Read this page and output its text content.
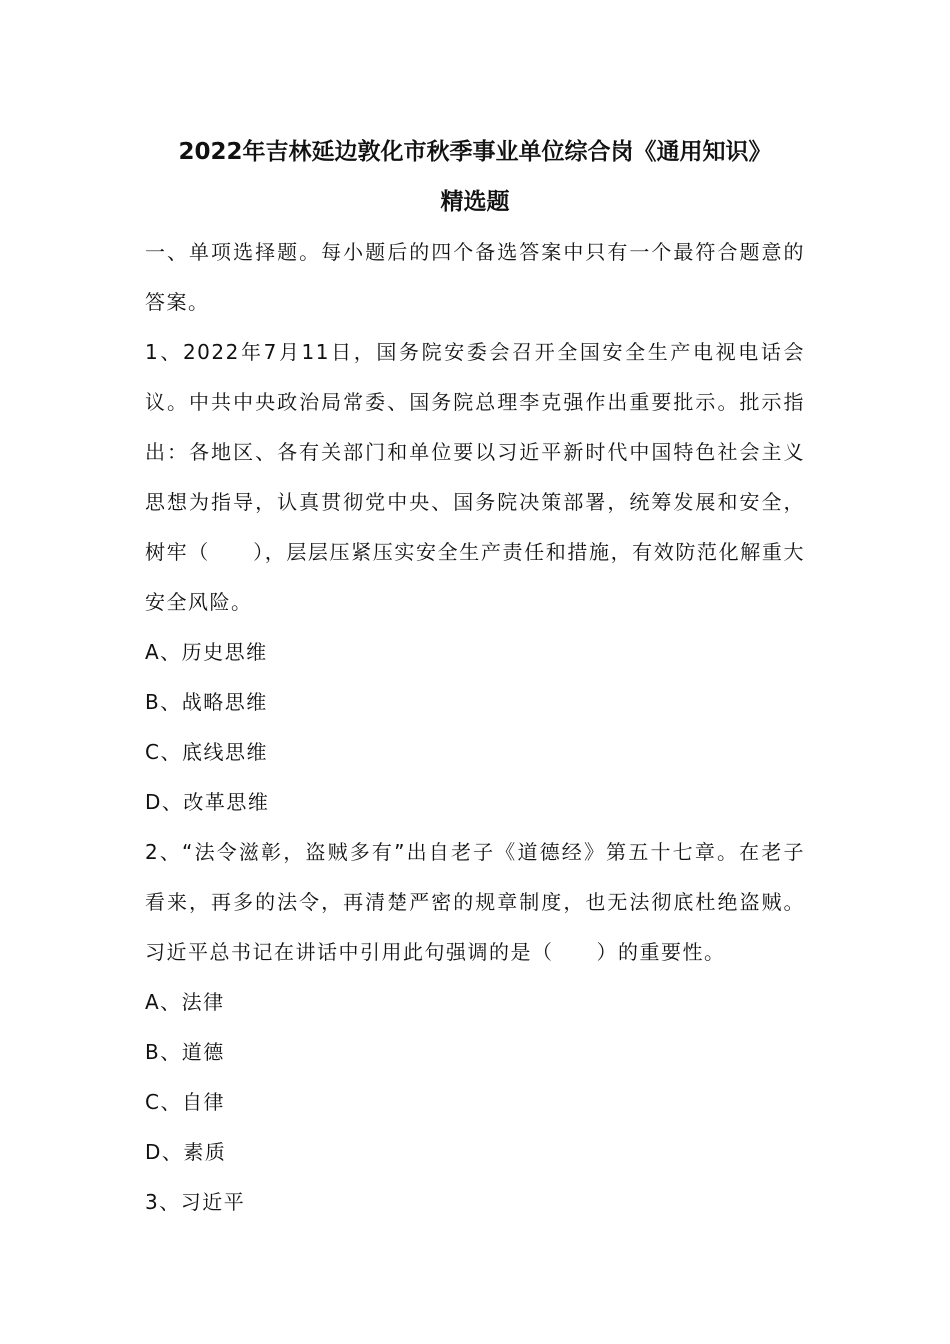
2022年吉林延边敦化市秋季事业单位综合岗《通用知识》
精选题

一、单项选择题。每小题后的四个备选答案中只有一个最符合题意的答案。

1、2022年7月11日，国务院安委会召开全国安全生产电视电话会议。中共中央政治局常委、国务院总理李克强作出重要批示。批示指出：各地区、各有关部门和单位要以习近平新时代中国特色社会主义思想为指导，认真贯彻党中央、国务院决策部署，统筹发展和安全，树牢（　　），层层压紧压实安全生产责任和措施，有效防范化解重大安全风险。

A、历史思维

B、战略思维

C、底线思维

D、改革思维

2、“法令滋彰，盗贼多有”出自老子《道德经》第五十七章。在老子看来，再多的法令，再清楚严密的规章制度，也无法彻底杜绝盗贼。习近平总书记在讲话中引用此句强调的是（　　）的重要性。

A、法律

B、道德

C、自律

D、素质

3、习近平
